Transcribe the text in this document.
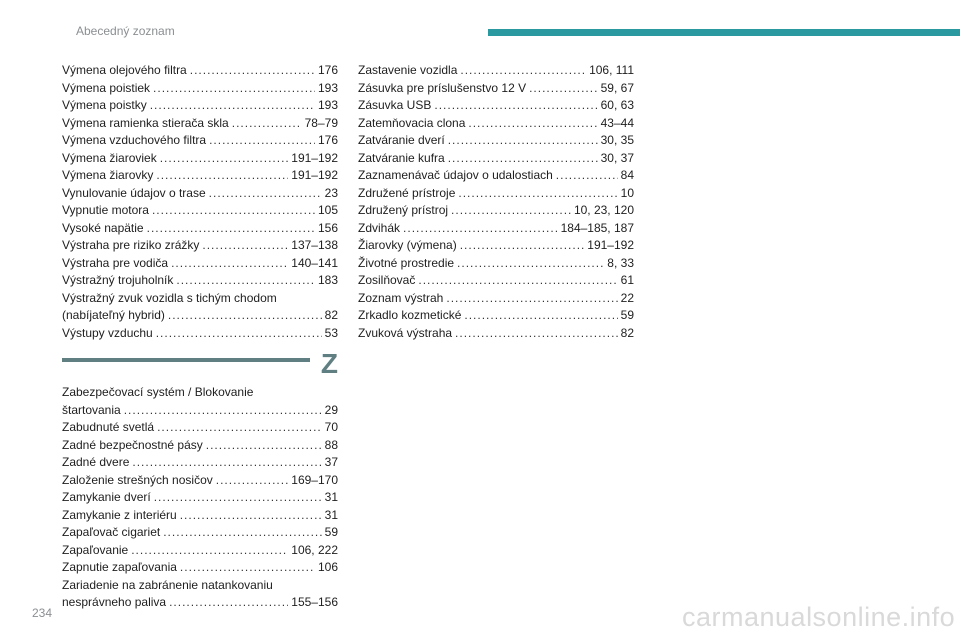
Abecedný zoznam
Výmena olejového filtra .....	176
Výmena poistiek .....	193
Výmena poistky .....	193
Výmena ramienka stierača skla .....	78–79
Výmena vzduchového filtra .....	176
Výmena žiaroviek .....	191–192
Výmena žiarovky .....	191–192
Vynulovanie údajov o trase .....	23
Vypnutie motora .....	105
Vysoké napätie .....	156
Výstraha pre riziko zrážky .....	137–138
Výstraha pre vodiča .....	140–141
Výstražný trojuholník .....	183
Výstražný zvuk vozidla s tichým chodom
(nabíjateľný hybrid) .....	82
Výstupy vzduchu .....	53
Zastavenie vozidla .....	106, 111
Zásuvka pre príslušenstvo 12 V .....	59, 67
Zásuvka USB .....	60, 63
Zatemňovacia clona .....	43–44
Zatváranie dverí .....	30, 35
Zatváranie kufra .....	30, 37
Zaznamenávač údajov o udalostiach .....	84
Združené prístroje .....	10
Združený prístroj .....	10, 23, 120
Zdvihák .....	184–185, 187
Žiarovky (výmena) .....	191–192
Životné prostredie .....	8, 33
Zosilňovač .....	61
Zoznam výstrah .....	22
Zrkadlo kozmetické .....	59
Zvuková výstraha .....	82
Z
Zabezpečovací systém / Blokovanie
štartovania .....	29
Zabudnuté svetlá .....	70
Zadné bezpečnostné pásy .....	88
Zadné dvere .....	37
Založenie strešných nosičov .....	169–170
Zamykanie dverí .....	31
Zamykanie z interiéru .....	31
Zapaľovač cigariet .....	59
Zapaľovanie .....	106, 222
Zapnutie zapaľovania .....	106
Zariadenie na zabránenie natankovaniu
nesprávneho paliva .....	155–156
234	carmanualsonline.info
